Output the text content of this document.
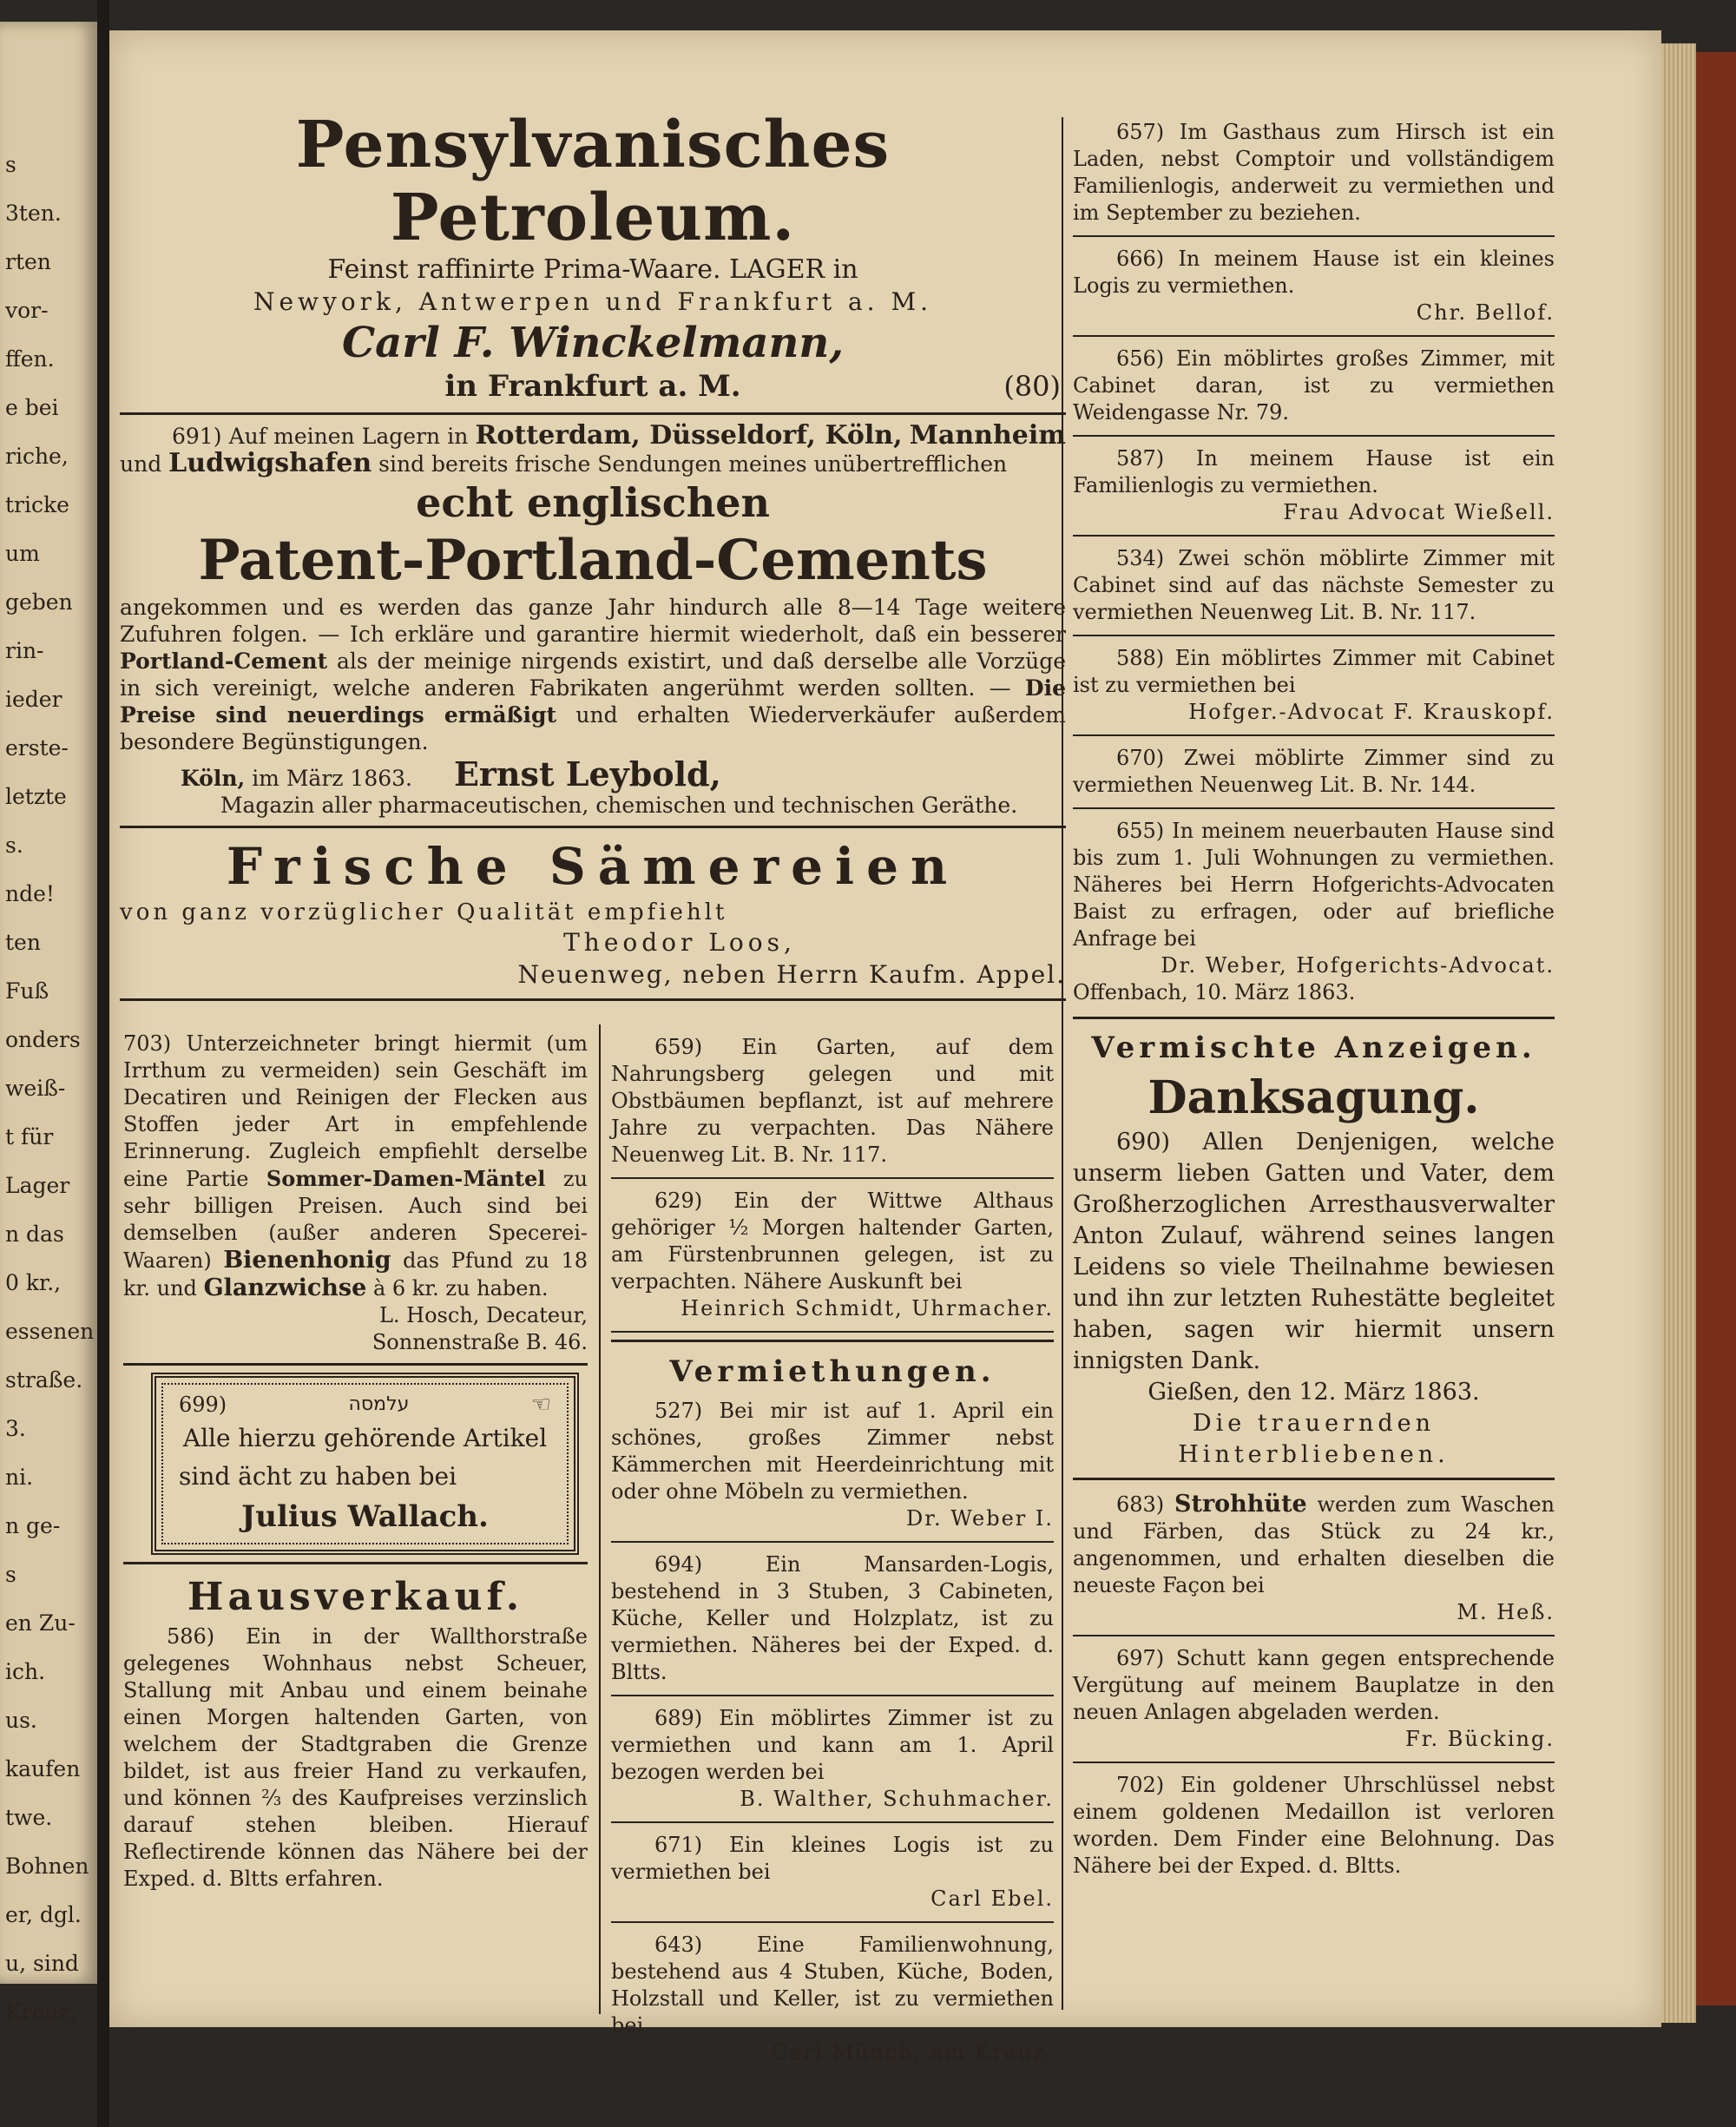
s
3ten.
rten
vor-
ffen.
e bei
riche,
tricke
um
geben
rin-
ieder
erste-
letzte
s.
nde!
ten
Fuß
onders
weiß-
t für
Lager
n das
0 kr.,
essenen
straße.
3.
ni.
n ge-
s
en Zu-
ich.
us.
kaufen
twe.
Bohnen
er, dgl.
u, sind
Kreuz.
Pensylvanisches Petroleum.
Feinst raffinirte Prima-Waare. LAGER in
Newyork, Antwerpen und Frankfurt a. M.
Carl F. Winckelmann,
in Frankfurt a. M.	(80)
691) Auf meinen Lagern in Rotterdam, Düsseldorf, Köln, Mannheim und Ludwigshafen sind bereits frische Sendungen meines unübertrefflichen
echt englischen
Patent-Portland-Cements
angekommen und es werden das ganze Jahr hindurch alle 8—14 Tage weitere Zufuhren folgen. — Ich erkläre und garantire hiermit wiederholt, daß ein besserer Portland-Cement als der meinige nirgends existirt, und daß derselbe alle Vorzüge in sich vereinigt, welche anderen Fabrikaten angerühmt werden sollten. — Die Preise sind neuerdings ermäßigt und erhalten Wiederverkäufer außerdem besondere Begünstigungen.
Köln, im März 1863. Ernst Leybold,
Magazin aller pharmaceutischen, chemischen und technischen Geräthe.
Frische Sämereien
von ganz vorzüglicher Qualität empfiehlt
Theodor Loos,
Neuenweg, neben Herrn Kaufm. Appel.
703) Unterzeichneter bringt hiermit (um Irrthum zu vermeiden) sein Geschäft im Decatiren und Reinigen der Flecken aus Stoffen jeder Art in empfehlende Erinnerung. Zugleich empfiehlt derselbe eine Partie Sommer-Damen-Mäntel zu sehr billigen Preisen. Auch sind bei demselben (außer anderen Specerei-Waaren) Bienenhonig das Pfund zu 18 kr. und Glanzwichse à 6 kr. zu haben.
L. Hosch, Decateur,
Sonnenstraße B. 46.
699)	עלמסה	☜
Alle hierzu gehörende Artikel
sind ächt zu haben bei
Julius Wallach.
Hausverkauf.
586) Ein in der Wallthorstraße gelegenes Wohnhaus nebst Scheuer, Stallung mit Anbau und einem beinahe einen Morgen haltenden Garten, von welchem der Stadtgraben die Grenze bildet, ist aus freier Hand zu verkaufen, und können ⅔ des Kaufpreises verzinslich darauf stehen bleiben. Hierauf Reflectirende können das Nähere bei der Exped. d. Bltts erfahren.
659) Ein Garten, auf dem Nahrungsberg gelegen und mit Obstbäumen bepflanzt, ist auf mehrere Jahre zu verpachten. Das Nähere Neuenweg Lit. B. Nr. 117.
629) Ein der Wittwe Althaus gehöriger ½ Morgen haltender Garten, am Fürstenbrunnen gelegen, ist zu verpachten. Nähere Auskunft bei
Heinrich Schmidt, Uhrmacher.
Vermiethungen.
527) Bei mir ist auf 1. April ein schönes, großes Zimmer nebst Kämmerchen mit Heerdeinrichtung mit oder ohne Möbeln zu vermiethen.
Dr. Weber I.
694)	Ein Mansarden-Logis, bestehend in 3 Stuben, 3 Cabineten, Küche, Keller und Holzplatz, ist zu vermiethen. Näheres bei der Exped. d. Bltts.
689) Ein möblirtes Zimmer ist zu vermiethen und kann am 1. April bezogen werden bei
B. Walther, Schuhmacher.
671) Ein kleines Logis ist zu vermiethen bei
Carl Ebel.
643)	Eine Familienwohnung, bestehend aus 4 Stuben, Küche, Boden, Holzstall und Keller, ist zu vermiethen bei
Carl Münch, am Kreuz.
657) Im Gasthaus zum Hirsch ist ein Laden, nebst Comptoir und vollständigem Familienlogis, anderweit zu vermiethen und im September zu beziehen.
666) In meinem Hause ist ein kleines Logis zu vermiethen.
Chr. Bellof.
656) Ein möblirtes großes Zimmer, mit Cabinet daran, ist zu vermiethen Weidengasse Nr. 79.
587) In meinem Hause ist ein Familienlogis zu vermiethen.
Frau Advocat Wießell.
534) Zwei schön möblirte Zimmer mit Cabinet sind auf das nächste Semester zu vermiethen Neuenweg Lit. B. Nr. 117.
588) Ein möblirtes Zimmer mit Cabinet ist zu vermiethen bei
Hofger.-Advocat F. Krauskopf.
670) Zwei möblirte Zimmer sind zu vermiethen Neuenweg Lit. B. Nr. 144.
655) In meinem neuerbauten Hause sind bis zum 1. Juli Wohnungen zu vermiethen. Näheres bei Herrn Hofgerichts-Advocaten Baist zu erfragen, oder auf briefliche Anfrage bei
Dr. Weber, Hofgerichts-Advocat.
Offenbach, 10. März 1863.
Vermischte Anzeigen.
Danksagung.
690) Allen Denjenigen, welche unserm lieben Gatten und Vater, dem Großherzoglichen Arresthausverwalter Anton Zulauf, während seines langen Leidens so viele Theilnahme bewiesen und ihn zur letzten Ruhestätte begleitet haben, sagen wir hiermit unsern innigsten Dank.
Gießen, den 12. März 1863.
Die trauernden
Hinterbliebenen.
683) Strohhüte werden zum Waschen und Färben, das Stück zu 24 kr., angenommen, und erhalten dieselben die neueste Façon bei
M. Heß.
697) Schutt kann gegen entsprechende Vergütung auf meinem Bauplatze in den neuen Anlagen abgeladen werden.
Fr. Bücking.
702) Ein goldener Uhrschlüssel nebst einem goldenen Medaillon ist verloren worden. Dem Finder eine Belohnung. Das Nähere bei der Exped. d. Bltts.
